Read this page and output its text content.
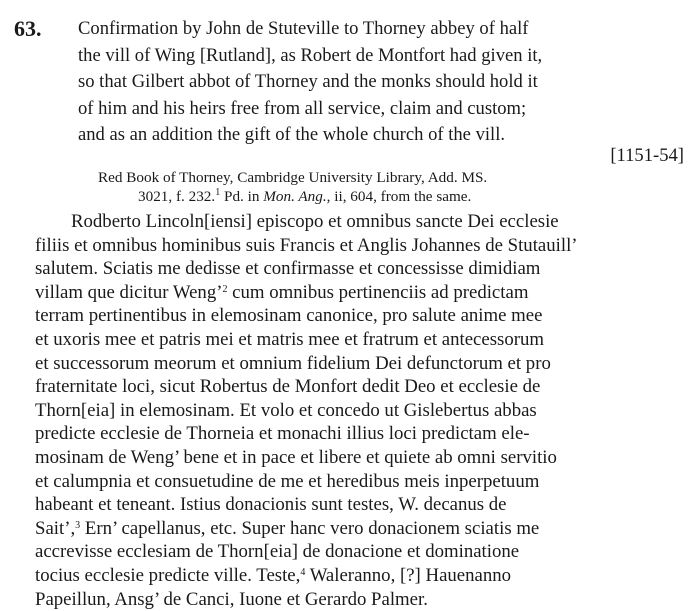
63. Confirmation by John de Stuteville to Thorney abbey of half
the vill of Wing [Rutland], as Robert de Montfort had given it,
so that Gilbert abbot of Thorney and the monks should hold it
of him and his heirs free from all service, claim and custom;
and as an addition the gift of the whole church of the vill.
[1151-54]
Red Book of Thorney, Cambridge University Library, Add. MS.
3021, f. 232.$^1$ Pd. in Mon. Ang., ii, 604, from the same.
Rodberto Lincoln[iensi] episcopo et omnibus sancte Dei ecclesie
filiis et omnibus hominibus suis Francis et Anglis Johannes de Stutauill’
salutem. Sciatis me dedisse et confirmasse et concessisse dimidiam
villam que dicitur Weng’$^2$ cum omnibus pertinenciis ad predictam
terram pertinentibus in elemosinam canonice, pro salute anime mee
et uxoris mee et patris mei et matris mee et fratrum et antecessorum
et successorum meorum et omnium fidelium Dei defunctorum et pro
fraternitate loci, sicut Robertus de Monfort dedit Deo et ecclesie de
Thorn[eia] in elemosinam. Et volo et concedo ut Gislebertus abbas
predicte ecclesie de Thorneia et monachi illius loci predictam ele-
mosinam de Weng’ bene et in pace et libere et quiete ab omni servitio
et calumpnia et consuetudine de me et heredibus meis inperpetuum
habeant et teneant. Istius donacionis sunt testes, W. decanus de
Sait’,$^3$ Ern’ capellanus, etc. Super hanc vero donacionem sciatis me
accrevisse ecclesiam de Thorn[eia] de donacione et dominatione
tocius ecclesie predicte ville. Teste,$^4$ Waleranno, [?] Hauenanno
Papeillun, Ansg’ de Canci, Iuone et Gerardo Palmer.
